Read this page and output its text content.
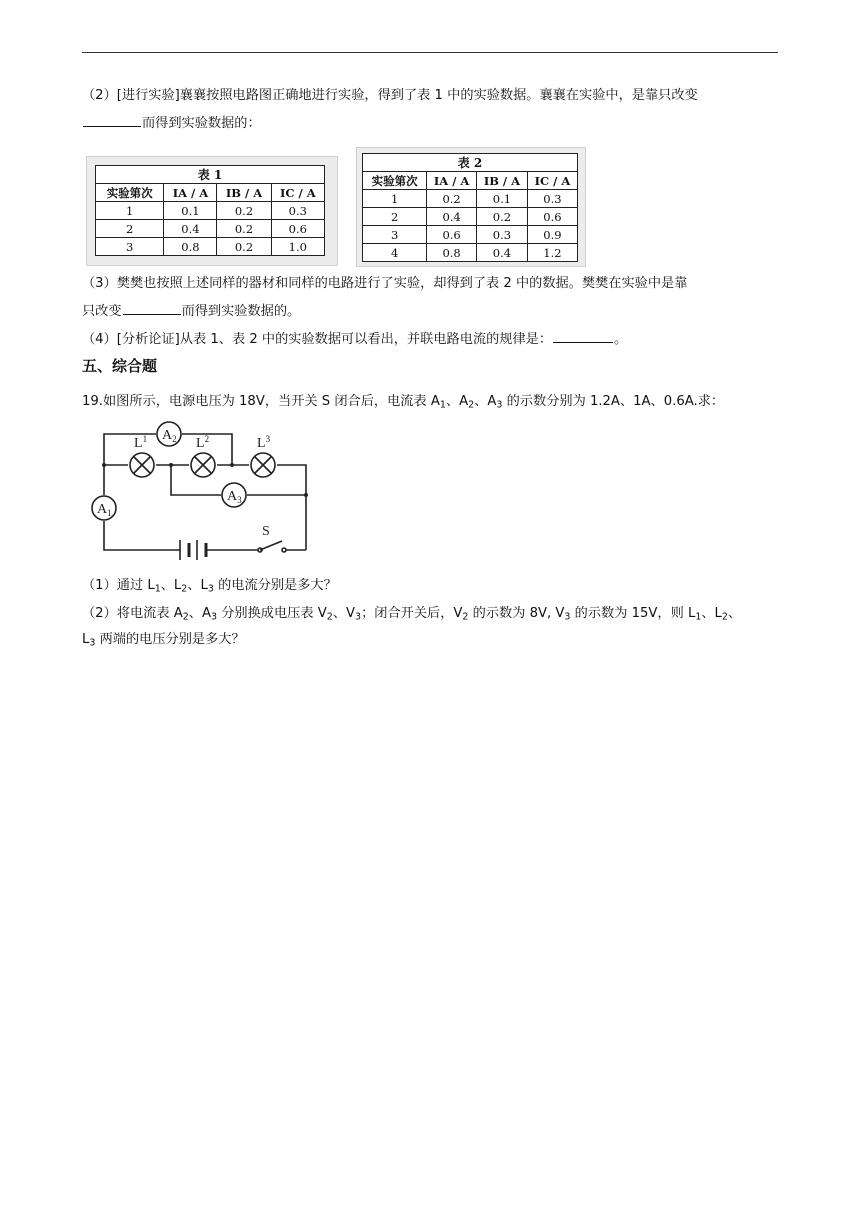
（2）[进行实验]襄襄按照电路图正确地进行实验，得到了表 1 中的实验数据。襄襄在实验中，是靠只改变
而得到实验数据的：
表 1			
实验第次	IA / A	IB / A	IC / A
1	0.1	0.2	0.3
2	0.4	0.2	0.6
3	0.8	0.2	1.0
表 2			
实验第次	IA / A	IB / A	IC / A
1	0.2	0.1	0.3
2	0.4	0.2	0.6
3	0.6	0.3	0.9
4	0.8	0.4	1.2
（3）樊樊也按照上述同样的器材和同样的电路进行了实验，却得到了表 2 中的数据。樊樊在实验中是靠
只改变	而得到实验数据的。
（4）[分析论证]从表 1、表 2 中的实验数据可以看出，并联电路电流的规律是：	。
五、综合题
19.如图所示，电源电压为 18V，当开关 S 闭合后，电流表 $A_1$、$A_2$、$A_3$ 的示数分别为 1.2A、1A、0.6A.求：
$A_2$
$A_3$
$A_1$
$L^1$	$L^2$	$L^3$
S
（1）通过 $L_1$、$L_2$、$L_3$ 的电流分别是多大？
（2）将电流表 $A_2$、$A_3$ 分别换成电压表 $V_2$、$V_3$；闭合开关后，$V_2$ 的示数为 8V, $V_3$ 的示数为 15V，则 $L_1$、$L_2$、
$L_3$ 两端的电压分别是多大？
